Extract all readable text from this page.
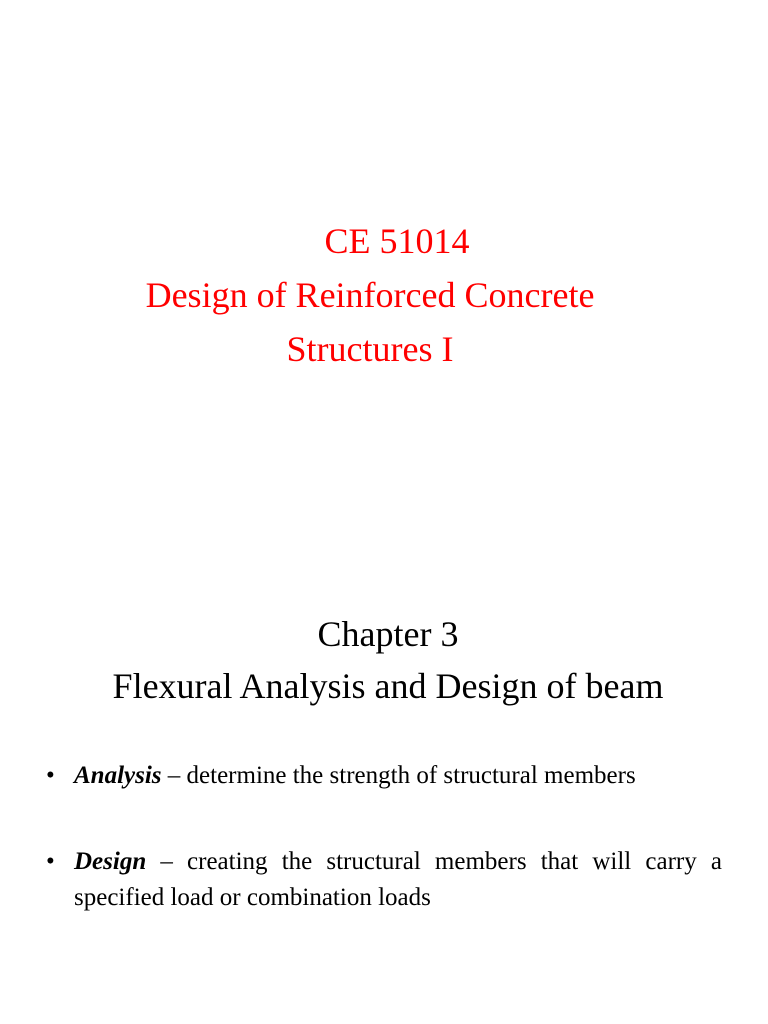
CE 51014
Design of Reinforced Concrete
Structures I
Chapter 3
Flexural Analysis and Design of beam
• Analysis – determine the strength of structural members
• Design – creating the structural members that will carry a specified load or combination loads
